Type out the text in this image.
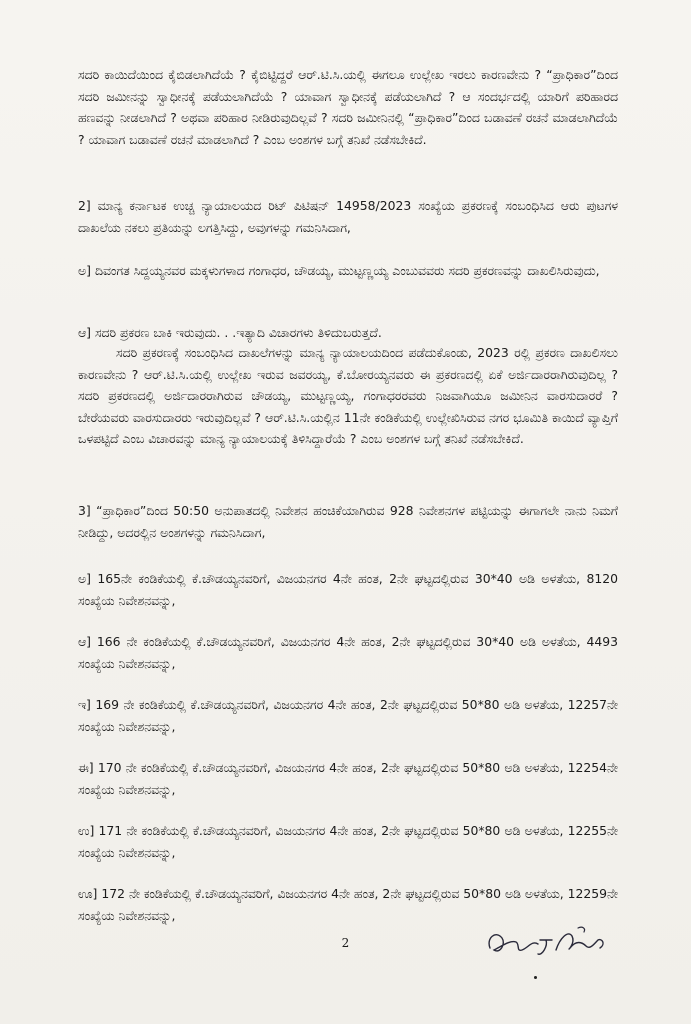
ಸದರಿ ಕಾಯಿದೆಯಿಂದ ಕೈಬಿಡಲಾಗಿದೆಯೆ ? ಕೈಬಿಟ್ಟಿದ್ದರೆ ಆರ್.ಟಿ.ಸಿ.ಯಲ್ಲಿ ಈಗಲೂ ಉಲ್ಲೇಖ ಇರಲು ಕಾರಣವೇನು ? “ಪ್ರಾಧಿಕಾರ”ದಿಂದ ಸದರಿ ಜಮೀನನ್ನು ಸ್ವಾಧೀನಕ್ಕೆ ಪಡೆಯಲಾಗಿದೆಯೆ ? ಯಾವಾಗ ಸ್ವಾಧೀನಕ್ಕೆ ಪಡೆಯಲಾಗಿದೆ ? ಆ ಸಂದರ್ಭದಲ್ಲಿ ಯಾರಿಗೆ ಪರಿಹಾರದ ಹಣವನ್ನು ನೀಡಲಾಗಿದೆ ? ಅಥವಾ ಪರಿಹಾರ ನೀಡಿರುವುದಿಲ್ಲವೆ ? ಸದರಿ ಜಮೀನಿನಲ್ಲಿ “ಪ್ರಾಧಿಕಾರ”ದಿಂದ ಬಡಾವಣೆ ರಚನೆ ಮಾಡಲಾಗಿದೆಯೆ ? ಯಾವಾಗ ಬಡಾವಣೆ ರಚನೆ ಮಾಡಲಾಗಿದೆ ? ಎಂಬ ಅಂಶಗಳ ಬಗ್ಗೆ ತನಿಖೆ ನಡೆಸಬೇಕಿದೆ.

2] ಮಾನ್ಯ ಕರ್ನಾಟಕ ಉಚ್ಚ ನ್ಯಾಯಾಲಯದ ರಿಟ್ ಪಿಟಿಷನ್ 14958/2023 ಸಂಖ್ಯೆಯ ಪ್ರಕರಣಕ್ಕೆ ಸಂಬಂಧಿಸಿದ ಆರು ಪುಟಗಳ ದಾಖಲೆಯ ನಕಲು ಪ್ರತಿಯನ್ನು ಲಗತ್ತಿಸಿದ್ದು, ಅವುಗಳನ್ನು ಗಮನಿಸಿದಾಗ,

ಅ] ದಿವಂಗತ ಸಿದ್ದಯ್ಯನವರ ಮಕ್ಕಳುಗಳಾದ ಗಂಗಾಧರ, ಚೌಡಯ್ಯ, ಮುಟ್ಟಣ್ಣಯ್ಯ ಎಂಬುವವರು ಸದರಿ ಪ್ರಕರಣವನ್ನು ದಾಖಲಿಸಿರುವುದು,

ಆ] ಸದರಿ ಪ್ರಕರಣ ಬಾಕಿ ಇರುವುದು. . .ಇತ್ಯಾದಿ ವಿಚಾರಗಳು ತಿಳಿದುಬರುತ್ತದೆ.

ಸದರಿ ಪ್ರಕರಣಕ್ಕೆ ಸಂಬಂಧಿಸಿದ ದಾಖಲೆಗಳನ್ನು ಮಾನ್ಯ ನ್ಯಾಯಾಲಯದಿಂದ ಪಡೆದುಕೊಂಡು, 2023 ರಲ್ಲಿ ಪ್ರಕರಣ ದಾಖಲಿಸಲು ಕಾರಣವೇನು ? ಆರ್.ಟಿ.ಸಿ.ಯಲ್ಲಿ ಉಲ್ಲೇಖ ಇರುವ ಜವರಯ್ಯ, ಕೆ.ಬೋರಯ್ಯನವರು ಈ ಪ್ರಕರಣದಲ್ಲಿ ಏಕೆ ಅರ್ಜಿದಾರರಾಗಿರುವುದಿಲ್ಲ ? ಸದರಿ ಪ್ರಕರಣದಲ್ಲಿ ಅರ್ಜಿದಾರರಾಗಿರುವ ಚೌಡಯ್ಯ, ಮುಟ್ಟಣ್ಣಯ್ಯ, ಗಂಗಾಧರರವರು ನಿಜವಾಗಿಯೂ ಜಮೀನಿನ ವಾರಸುದಾರರೆ ? ಬೇರೆಯವರು ವಾರಸುದಾರರು ಇರುವುದಿಲ್ಲವೆ ? ಆರ್.ಟಿ.ಸಿ.ಯಲ್ಲಿನ 11ನೇ ಕಂಡಿಕೆಯಲ್ಲಿ ಉಲ್ಲೇಖಿಸಿರುವ ನಗರ ಭೂಮಿತಿ ಕಾಯಿದೆ ವ್ಯಾಪ್ತಿಗೆ ಒಳಪಟ್ಟಿದೆ ಎಂಬ ವಿಚಾರವನ್ನು ಮಾನ್ಯ ನ್ಯಾಯಾಲಯಕ್ಕೆ ತಿಳಿಸಿದ್ದಾರೆಯೆ ? ಎಂಬ ಅಂಶಗಳ ಬಗ್ಗೆ ತನಿಖೆ ನಡೆಸಬೇಕಿದೆ.

3] “ಪ್ರಾಧಿಕಾರ”ದಿಂದ 50:50 ಅನುಪಾತದಲ್ಲಿ ನಿವೇಶನ ಹಂಚಿಕೆಯಾಗಿರುವ 928 ನಿವೇಶನಗಳ ಪಟ್ಟಿಯನ್ನು ಈಗಾಗಲೇ ನಾನು ನಿಮಗೆ ನೀಡಿದ್ದು, ಅದರಲ್ಲಿನ ಅಂಶಗಳನ್ನು ಗಮನಿಸಿದಾಗ,

ಅ] 165ನೇ ಕಂಡಿಕೆಯಲ್ಲಿ ಕೆ.ಚೌಡಯ್ಯನವರಿಗೆ, ವಿಜಯನಗರ 4ನೇ ಹಂತ, 2ನೇ ಘಟ್ಟದಲ್ಲಿರುವ 30*40 ಅಡಿ ಅಳತೆಯ, 8120 ಸಂಖ್ಯೆಯ ನಿವೇಶನವನ್ನು,

ಆ] 166 ನೇ ಕಂಡಿಕೆಯಲ್ಲಿ ಕೆ.ಚೌಡಯ್ಯನವರಿಗೆ, ವಿಜಯನಗರ 4ನೇ ಹಂತ, 2ನೇ ಘಟ್ಟದಲ್ಲಿರುವ 30*40 ಅಡಿ ಅಳತೆಯ, 4493 ಸಂಖ್ಯೆಯ ನಿವೇಶನವನ್ನು,

ಇ] 169 ನೇ ಕಂಡಿಕೆಯಲ್ಲಿ ಕೆ.ಚೌಡಯ್ಯನವರಿಗೆ, ವಿಜಯನಗರ 4ನೇ ಹಂತ, 2ನೇ ಘಟ್ಟದಲ್ಲಿರುವ 50*80 ಅಡಿ ಅಳತೆಯ, 12257ನೇ ಸಂಖ್ಯೆಯ ನಿವೇಶನವನ್ನು,

ಈ] 170 ನೇ ಕಂಡಿಕೆಯಲ್ಲಿ ಕೆ.ಚೌಡಯ್ಯನವರಿಗೆ, ವಿಜಯನಗರ 4ನೇ ಹಂತ, 2ನೇ ಘಟ್ಟದಲ್ಲಿರುವ 50*80 ಅಡಿ ಅಳತೆಯ, 12254ನೇ ಸಂಖ್ಯೆಯ ನಿವೇಶನವನ್ನು,

ಉ] 171 ನೇ ಕಂಡಿಕೆಯಲ್ಲಿ ಕೆ.ಚೌಡಯ್ಯನವರಿಗೆ, ವಿಜಯನಗರ 4ನೇ ಹಂತ, 2ನೇ ಘಟ್ಟದಲ್ಲಿರುವ 50*80 ಅಡಿ ಅಳತೆಯ, 12255ನೇ ಸಂಖ್ಯೆಯ ನಿವೇಶನವನ್ನು,

ಊ] 172 ನೇ ಕಂಡಿಕೆಯಲ್ಲಿ ಕೆ.ಚೌಡಯ್ಯನವರಿಗೆ, ವಿಜಯನಗರ 4ನೇ ಹಂತ, 2ನೇ ಘಟ್ಟದಲ್ಲಿರುವ 50*80 ಅಡಿ ಅಳತೆಯ, 12259ನೇ ಸಂಖ್ಯೆಯ ನಿವೇಶನವನ್ನು,

2
